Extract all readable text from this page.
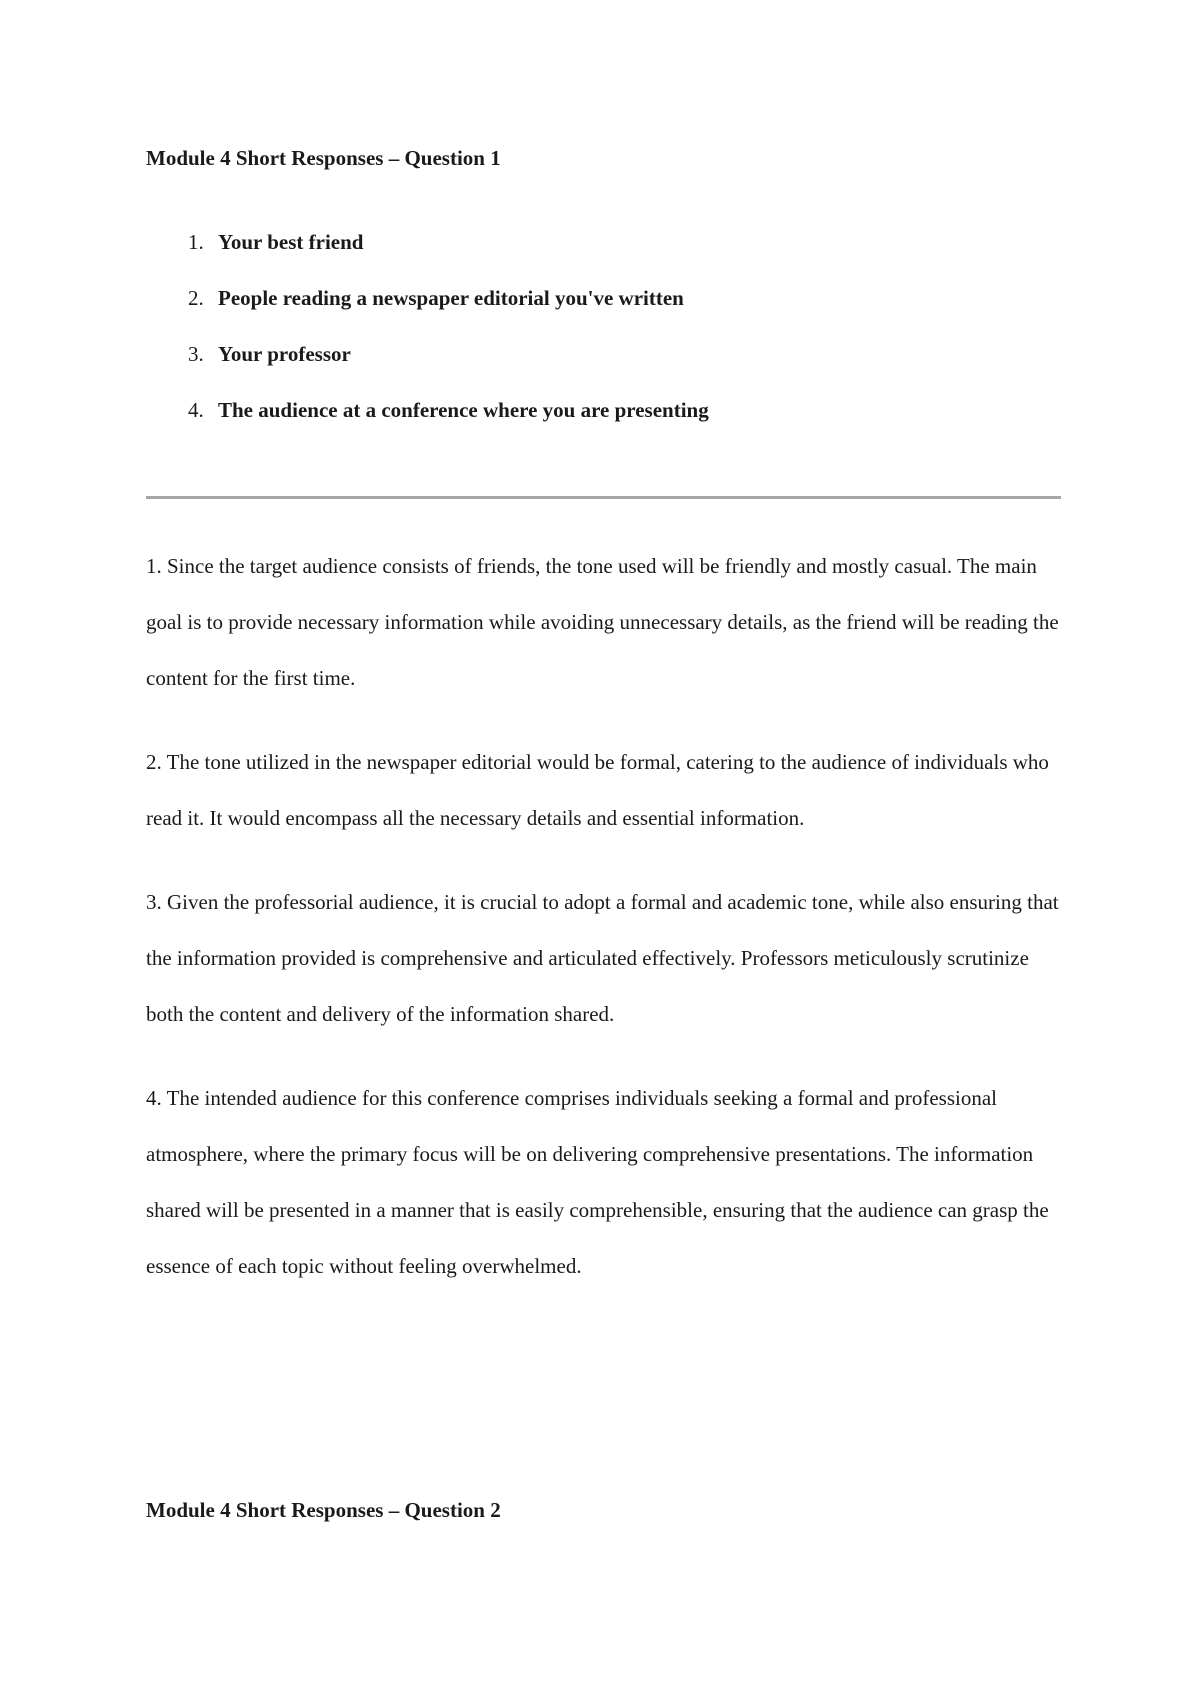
Module 4 Short Responses – Question 1
1. Your best friend
2. People reading a newspaper editorial you've written
3. Your professor
4. The audience at a conference where you are presenting

1. Since the target audience consists of friends, the tone used will be friendly and mostly casual. The main goal is to provide necessary information while avoiding unnecessary details, as the friend will be reading the content for the first time.

2. The tone utilized in the newspaper editorial would be formal, catering to the audience of individuals who read it. It would encompass all the necessary details and essential information.

3. Given the professorial audience, it is crucial to adopt a formal and academic tone, while also ensuring that the information provided is comprehensive and articulated effectively. Professors meticulously scrutinize both the content and delivery of the information shared.

4. The intended audience for this conference comprises individuals seeking a formal and professional atmosphere, where the primary focus will be on delivering comprehensive presentations. The information shared will be presented in a manner that is easily comprehensible, ensuring that the audience can grasp the essence of each topic without feeling overwhelmed.

Module 4 Short Responses – Question 2
